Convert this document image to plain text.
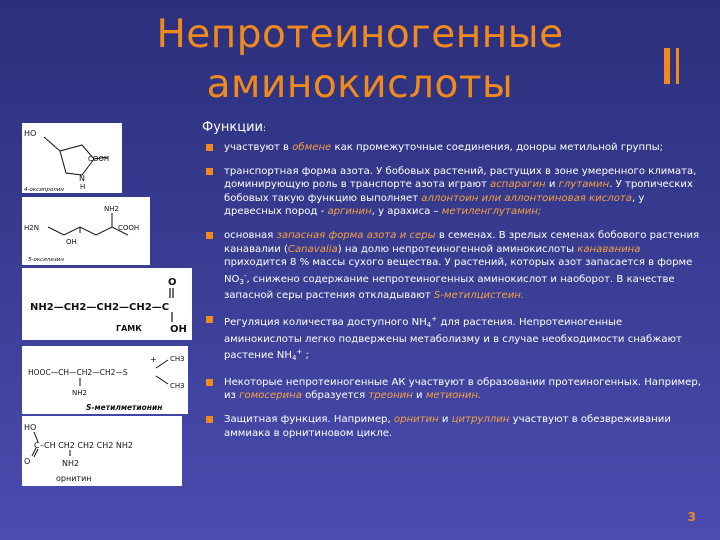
Непротеиногенные
аминокислоты
Функции:
участвуют в обмене как промежуточные соединения, доноры метильной группы;
транспортная форма азота. У бобовых растений, растущих в зоне умеренного климата, доминирующую роль в транспорте азота играют аспарагин и глутамин. У тропических бобовых такую функцию выполняет аллонтоин или аллонтоиновая кислота, у древесных пород - аргинин, у арахиса – метиленглутамин;
основная запасная форма азота и серы в семенах. В зрелых семенах бобового растения канавалии (Canavalia) на долю непротеиногенной аминокислоты канаванина приходится 8 % массы сухого вещества. У растений, которых азот запасается в форме $NO_3^-$, снижено содержание непротеиногенных аминокислот и наоборот. В качестве запасной серы растения откладывают S-метилцистеин.
Регуляция количества доступного $NH_4^+$ для растения. Непротеиногенные аминокислоты легко подвержены метаболизму и в случае необходимости снабжают растение $NH_4^+$ ;
Некоторые непротеиногенные АК участвуют в образовании протеиногенных. Например, из гомосерина образуется треонин и метионин.
Защитная функция. Например, орнитин и цитруллин участвуют в обезвреживании аммиака в орнитиновом цикле.
3
HO
N
H
COOH
4-оксипролин
NH2
H2N
OH
COOH
5-оксилизин
O
NH2—CH2—CH2—CH2—C
OH
ГАМК
CH3
CH3
+
HOOC—CH—CH2—CH2—S
NH2
S-метилметионин
HO
C
O
–CH CH2 CH2 CH2 NH2
NH2
орнитин
